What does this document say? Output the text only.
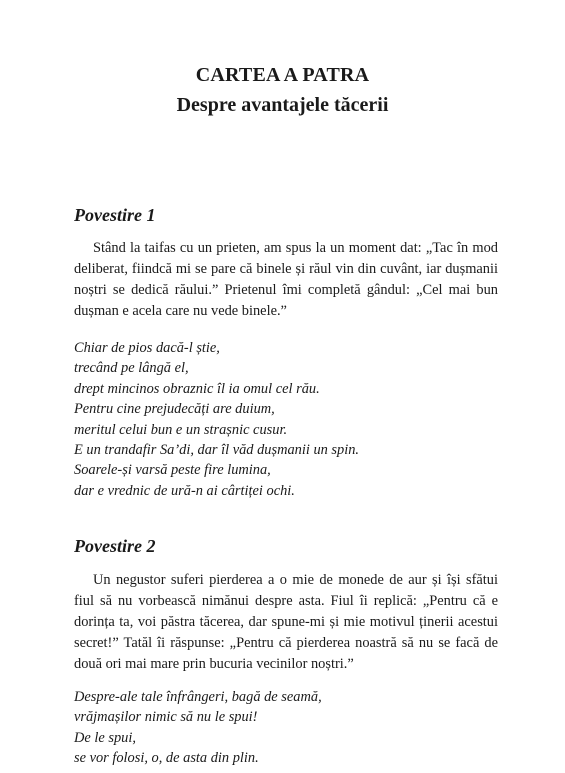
CARTEA A PATRA
Despre avantajele tăcerii
Povestire 1

Stând la taifas cu un prieten, am spus la un moment dat: „Tac în mod deliberat, fiindcă mi se pare că binele și răul vin din cuvânt, iar dușmanii noștri se dedică răului.” Prietenul îmi completă gândul: „Cel mai bun dușman e acela care nu vede binele.”

Chiar de pios dacă-l știe,
trecând pe lângă el,
drept mincinos obraznic îl ia omul cel rău.
Pentru cine prejudecăți are duium,
meritul celui bun e un strașnic cusur.
E un trandafir Sa’di, dar îl văd dușmanii un spin.
Soarele-și varsă peste fire lumina,
dar e vrednic de ură-n ai cârtiței ochi.
Povestire 2

Un negustor suferi pierderea a o mie de monede de aur și își sfătui fiul să nu vorbească nimănui despre asta. Fiul îi replică: „Pentru că e dorința ta, voi păstra tăcerea, dar spune-mi și mie motivul ținerii acestui secret!” Tatăl îi răspunse: „Pentru că pierderea noastră să nu se facă de două ori mai mare prin bucuria vecinilor noștri.”

Despre-ale tale înfrângeri, bagă de seamă,
vrăjmașilor nimic să nu le spui!
De le spui,
se vor folosi, o, de asta din plin.
